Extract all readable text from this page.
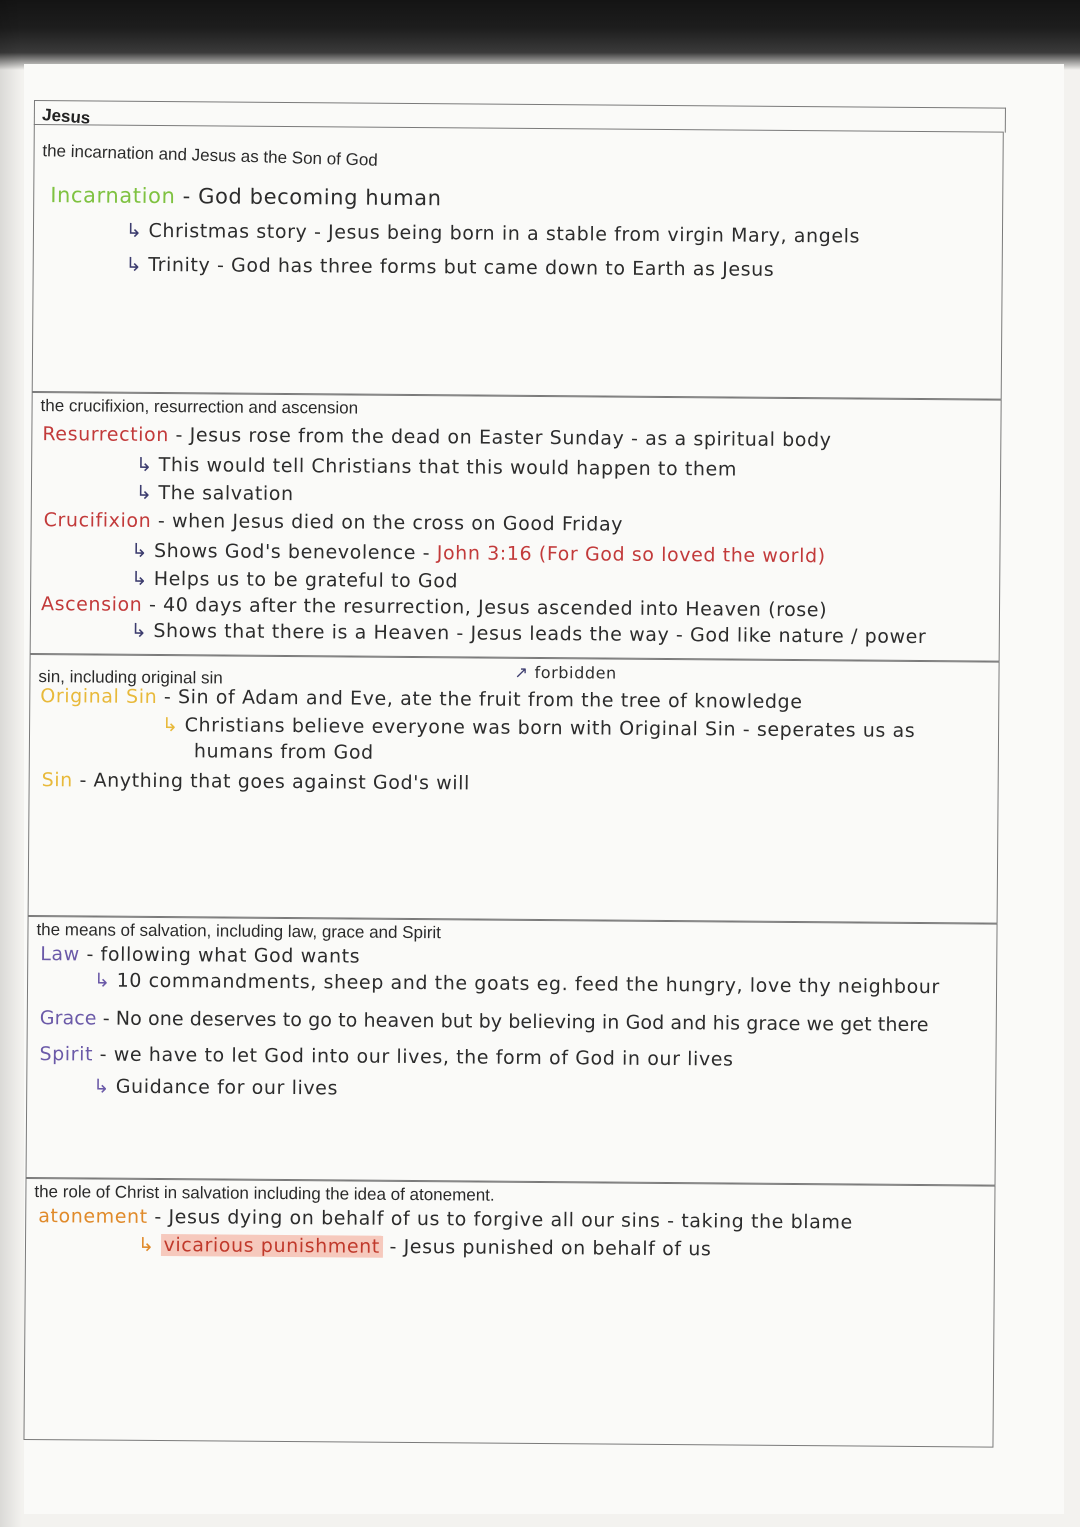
Jesus
the incarnation and Jesus as the Son of God
Incarnation - God becoming human
↳ Christmas story - Jesus being born in a stable from virgin Mary, angels
↳ Trinity - God has three forms but came down to Earth as Jesus
the crucifixion, resurrection and ascension
Resurrection - Jesus rose from the dead on Easter Sunday - as a spiritual body
↳ This would tell Christians that this would happen to them
↳ The salvation
Crucifixion - when Jesus died on the cross on Good Friday
↳ Shows God's benevolence - John 3:16 (For God so loved the world)
↳ Helps us to be grateful to God
Ascension - 40 days after the resurrection, Jesus ascended into Heaven (rose)
↳ Shows that there is a Heaven - Jesus leads the way - God like nature / power
sin, including original sin	↗ forbidden
Original Sin - Sin of Adam and Eve, ate the fruit from the tree of knowledge
↳ Christians believe everyone was born with Original Sin - seperates us as
humans from God
Sin - Anything that goes against God's will
the means of salvation, including law, grace and Spirit
Law - following what God wants
↳ 10 commandments, sheep and the goats eg. feed the hungry, love thy neighbour
Grace - No one deserves to go to heaven but by believing in God and his grace we get there
Spirit - we have to let God into our lives, the form of God in our lives
↳ Guidance for our lives
the role of Christ in salvation including the idea of atonement.
atonement - Jesus dying on behalf of us to forgive all our sins - taking the blame
↳ vicarious punishment - Jesus punished on behalf of us
